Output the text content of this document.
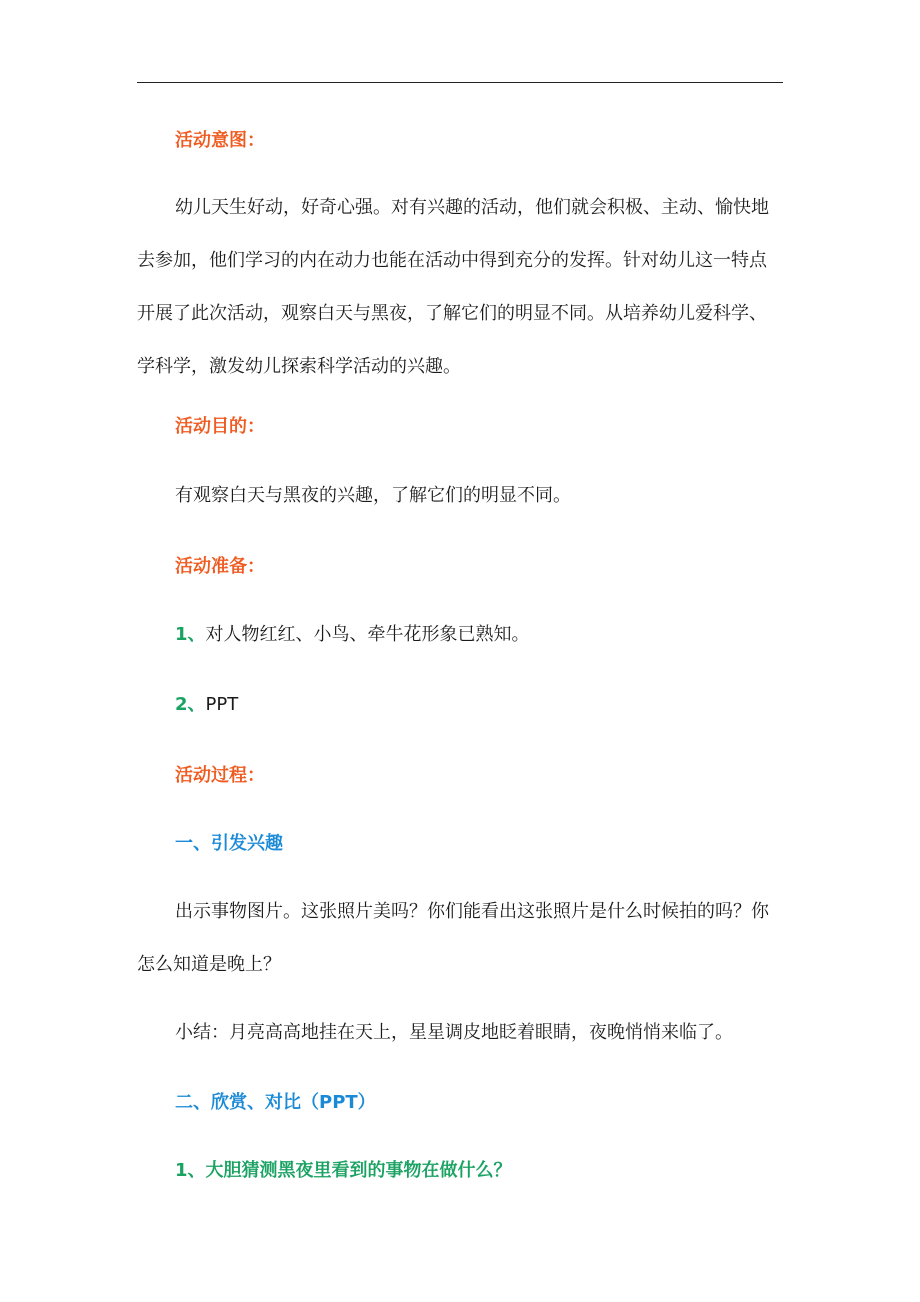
活动意图：

幼儿天生好动，好奇心强。对有兴趣的活动，他们就会积极、主动、愉快地
去参加，他们学习的内在动力也能在活动中得到充分的发挥。针对幼儿这一特点
开展了此次活动，观察白天与黑夜，了解它们的明显不同。从培养幼儿爱科学、
学科学，激发幼儿探索科学活动的兴趣。

活动目的：

有观察白天与黑夜的兴趣，了解它们的明显不同。

活动准备：

1、对人物红红、小鸟、牵牛花形象已熟知。

2、PPT

活动过程：

一、引发兴趣

出示事物图片。这张照片美吗？你们能看出这张照片是什么时候拍的吗？你
怎么知道是晚上？

小结：月亮高高地挂在天上，星星调皮地眨着眼睛，夜晚悄悄来临了。

二、欣赏、对比（PPT）

1、大胆猜测黑夜里看到的事物在做什么？
